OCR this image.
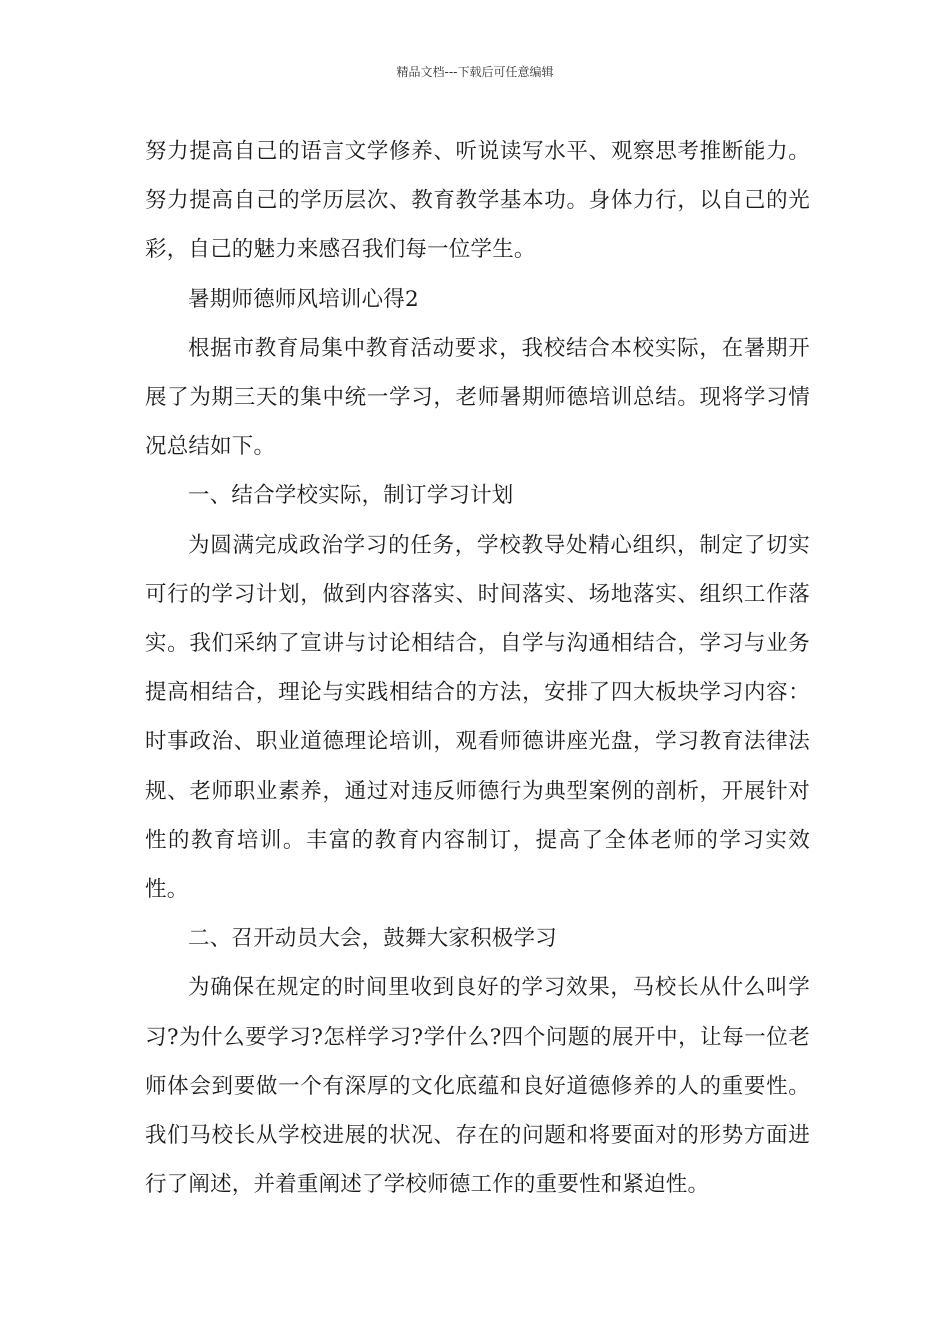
精品文档---下载后可任意编辑

努力提高自己的语言文学修养、听说读写水平、观察思考推断能力。努力提高自己的学历层次、教育教学基本功。身体力行，以自己的光彩，自己的魅力来感召我们每一位学生。

暑期师德师风培训心得2

根据市教育局集中教育活动要求，我校结合本校实际，在暑期开展了为期三天的集中统一学习，老师暑期师德培训总结。现将学习情况总结如下。

一、结合学校实际，制订学习计划

为圆满完成政治学习的任务，学校教导处精心组织，制定了切实可行的学习计划，做到内容落实、时间落实、场地落实、组织工作落实。我们采纳了宣讲与讨论相结合，自学与沟通相结合，学习与业务提高相结合，理论与实践相结合的方法，安排了四大板块学习内容：时事政治、职业道德理论培训，观看师德讲座光盘，学习教育法律法规、老师职业素养，通过对违反师德行为典型案例的剖析，开展针对性的教育培训。丰富的教育内容制订，提高了全体老师的学习实效性。

二、召开动员大会，鼓舞大家积极学习

为确保在规定的时间里收到良好的学习效果，马校长从什么叫学习?为什么要学习?怎样学习?学什么?四个问题的展开中，让每一位老师体会到要做一个有深厚的文化底蕴和良好道德修养的人的重要性。我们马校长从学校进展的状况、存在的问题和将要面对的形势方面进行了阐述，并着重阐述了学校师德工作的重要性和紧迫性。
